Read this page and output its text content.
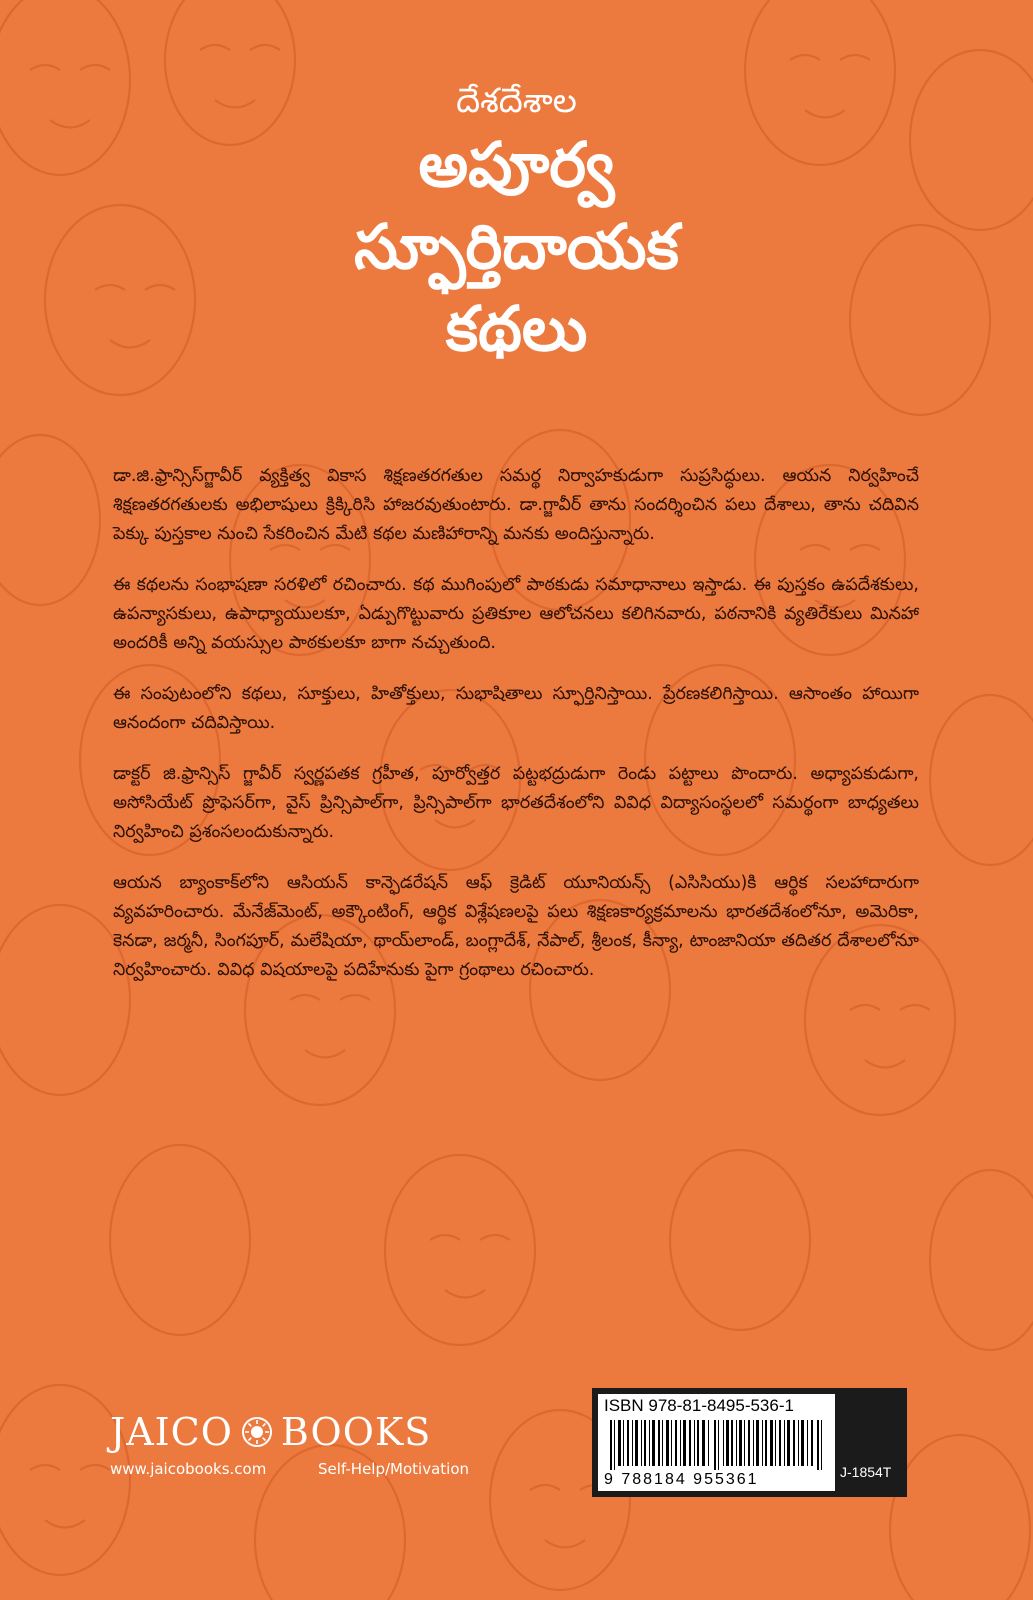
దేశదేశాల
అపూర్వ
స్ఫూర్తిదాయక
కథలు

డా.జి.ఫ్రాన్సిస్‌గ్జావీర్ వ్యక్తిత్వ వికాస శిక్షణతరగతుల సమర్థ నిర్వాహకుడుగా సుప్రసిద్ధులు. ఆయన నిర్వహించే శిక్షణతరగతులకు అభిలాషులు క్రిక్కిరిసి హాజరవుతుంటారు. డా.గ్జావీర్ తాను సందర్శించిన పలు దేశాలు, తాను చదివిన పెక్కు పుస్తకాల నుంచి సేకరించిన మేటి కథల మణిహారాన్ని మనకు అందిస్తున్నారు.

ఈ కథలను సంభాషణా సరళిలో రచించారు. కథ ముగింపులో పాఠకుడు సమాధానాలు ఇస్తాడు. ఈ పుస్తకం ఉపదేశకులు, ఉపన్యాసకులు, ఉపాధ్యాయులకూ, ఏడ్పుగొట్టువారు ప్రతికూల ఆలోచనలు కలిగినవారు, పఠనానికి వ్యతిరేకులు మినహా అందరికీ అన్ని వయస్సుల పాఠకులకూ బాగా నచ్చుతుంది.

ఈ సంపుటంలోని కథలు, సూక్తులు, హితోక్తులు, సుభాషితాలు స్ఫూర్తినిస్తాయి. ప్రేరణకలిగిస్తాయి. ఆసాంతం హాయిగా ఆనందంగా చదివిస్తాయి.

డాక్టర్ జి.ఫ్రాన్సిస్ గ్జావీర్ స్వర్ణపతక గ్రహీత, పూర్వోత్తర పట్టభద్రుడుగా రెండు పట్టాలు పొందారు. అధ్యాపకుడుగా, అసోసియేట్ ప్రొఫెసర్‌గా, వైస్ ప్రిన్సిపాల్‌గా, ప్రిన్సిపాల్‌గా భారతదేశంలోని వివిధ విద్యాసంస్థలలో సమర్థంగా బాధ్యతలు నిర్వహించి ప్రశంసలందుకున్నారు.

ఆయన బ్యాంకాక్‌లోని ఆసియన్ కాన్ఫెడరేషన్ ఆఫ్ క్రెడిట్ యూనియన్స్ (ఎసిసియు)కి ఆర్థిక సలహాదారుగా వ్యవహరించారు. మేనేజ్‌మెంట్, అక్కౌంటింగ్, ఆర్థిక విశ్లేషణలపై పలు శిక్షణకార్యక్రమాలను భారతదేశంలోనూ, అమెరికా, కెనడా, జర్మనీ, సింగపూర్, మలేషియా, థాయ్‌లాండ్, బంగ్లాదేశ్, నేపాల్, శ్రీలంక, కీన్యా, టాంజానియా తదితర దేశాలలోనూ నిర్వహించారు. వివిధ విషయాలపై పదిహేనుకు పైగా గ్రంథాలు రచించారు.

JAICO BOOKS
www.jaicobooks.com	Self-Help/Motivation
ISBN 978-81-8495-536-1
9 788184 955361	J-1854T
